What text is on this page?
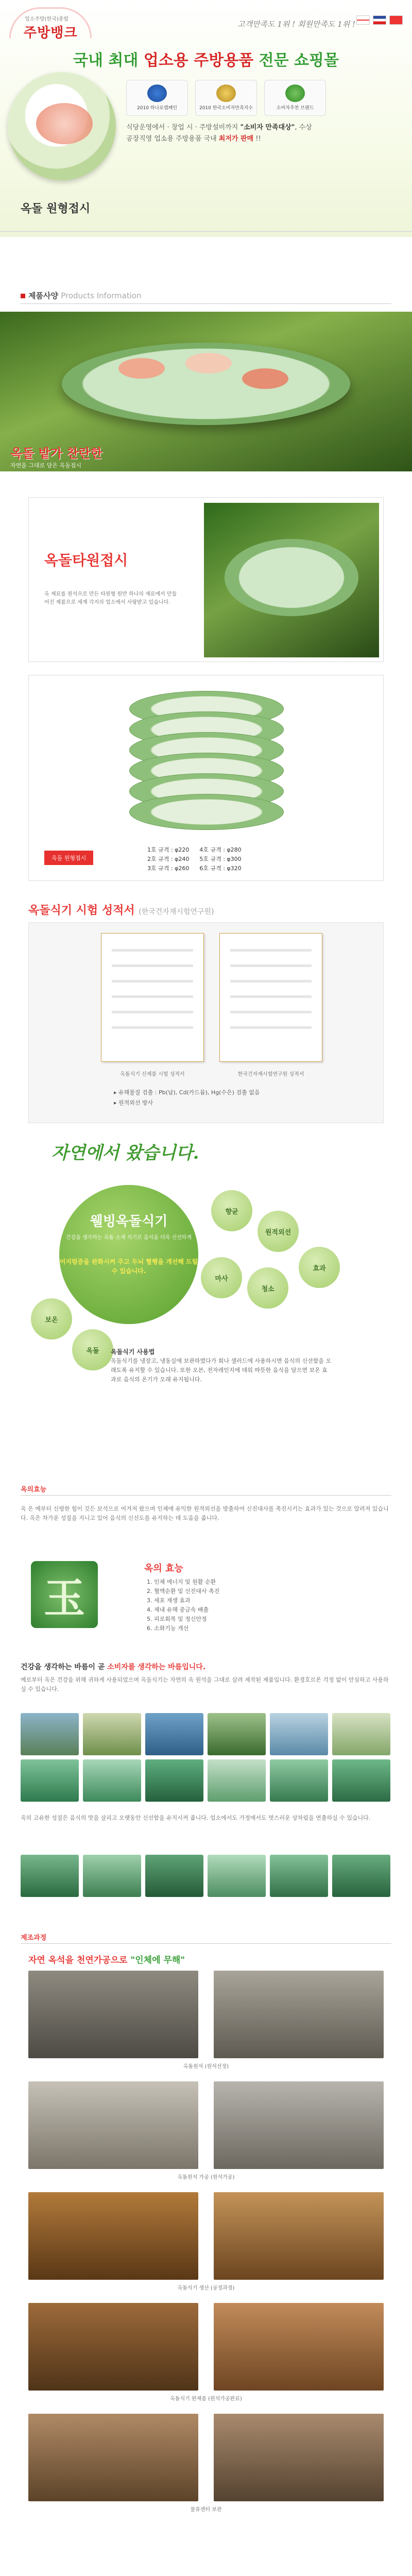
업소주방(한국)종합
주방뱅크
고객만족도 1위 ! 회원만족도 1위 !
국내 최대 업소용 주방용품 전문 쇼핑몰
2010 하나로캠페인	2010 한국소비자만족지수	소비자추천 브랜드
식당운영에서 · 창업 시 · 주방설비까지 "소비자 만족대상", 수상
공장직영 업소용 주방용품 국내 최저가 판매 !!
옥돌 원형접시
제품사양 Products Information
옥돌 밭가 찬란한
자연을 그대로 담은 옥돌접시
옥돌타원접시
옥 재료를 원석으로 만든 타원형 원반 하나의 재료에서 만들어진 제품으로 세계 각지의 업소에서 사랑받고 있습니다.
옥돌 원형접시
1호 규격 : φ220 4호 규격 : φ280
2호 규격 : φ240 5호 규격 : φ300
3호 규격 : φ260 6호 규격 : φ320
옥돌식기 시험 성적서 (한국건자재시험연구원)
옥돌식기 신제품 시험 성적서	한국건자재시험연구원 성적서
▸ 유해물질 검출 : Pb(납), Cd(카드뮴), Hg(수은) 검출 없음
▸ 원적외선 방사
자연에서 왔습니다.
웰빙옥돌식기
건강을 생각하는 옥돌 소재 식기로 음식을 더욱 신선하게
어지럼증을 완화시켜 주고 두뇌 혈행을 개선해 드릴 수 있습니다.
보온
옥돌
향균
원적외선
마사
청소
효과
옥돌식기 사용법
옥돌식기를 냉장고, 냉동실에 보관하였다가 회나 샐러드에 사용하시면 음식의 신선함을 오래도록 유지할 수 있습니다. 또한 오븐, 전자레인지에 데워 따뜻한 음식을 담으면 보온 효과로 음식의 온기가 오래 유지됩니다.
옥의효능
옥 은 예부터 신령한 힘이 깃든 보석으로 여겨져 왔으며 인체에 유익한 원적외선을 방출하여 신진대사를 촉진시키는 효과가 있는 것으로 알려져 있습니다. 옥은 차가운 성질을 지니고 있어 음식의 신선도를 유지하는 데 도움을 줍니다.
玉
옥의 효능
1. 인체 에너지 및 원활 순환
2. 혈액순환 및 신진대사 촉진
3. 세포 재생 효과
4. 체내 유해 중금속 배출
5. 피로회복 및 정신안정
6. 소화기능 개선
건강을 생각하는 바름이 곧 소비자를 생각하는 바름입니다.
예로부터 옥은 건강을 위해 귀하게 사용되었으며 옥돌식기는 자연의 옥 원석을 그대로 살려 제작된 제품입니다. 환경호르몬 걱정 없이 안심하고 사용하실 수 있습니다.
옥의 고유한 성질은 음식의 맛을 살리고 오랫동안 신선함을 유지시켜 줍니다. 업소에서도 가정에서도 멋스러운 상차림을 연출하실 수 있습니다.
제조과정
자연 옥석을 천연가공으로 "인체에 무해"
옥돌원석 (원석선정)
옥돌원석 가공 (원석가공)
옥돌식기 생산 (공정과정)
옥돌식기 완제품 (원석가공완료)
물류센터 보관
